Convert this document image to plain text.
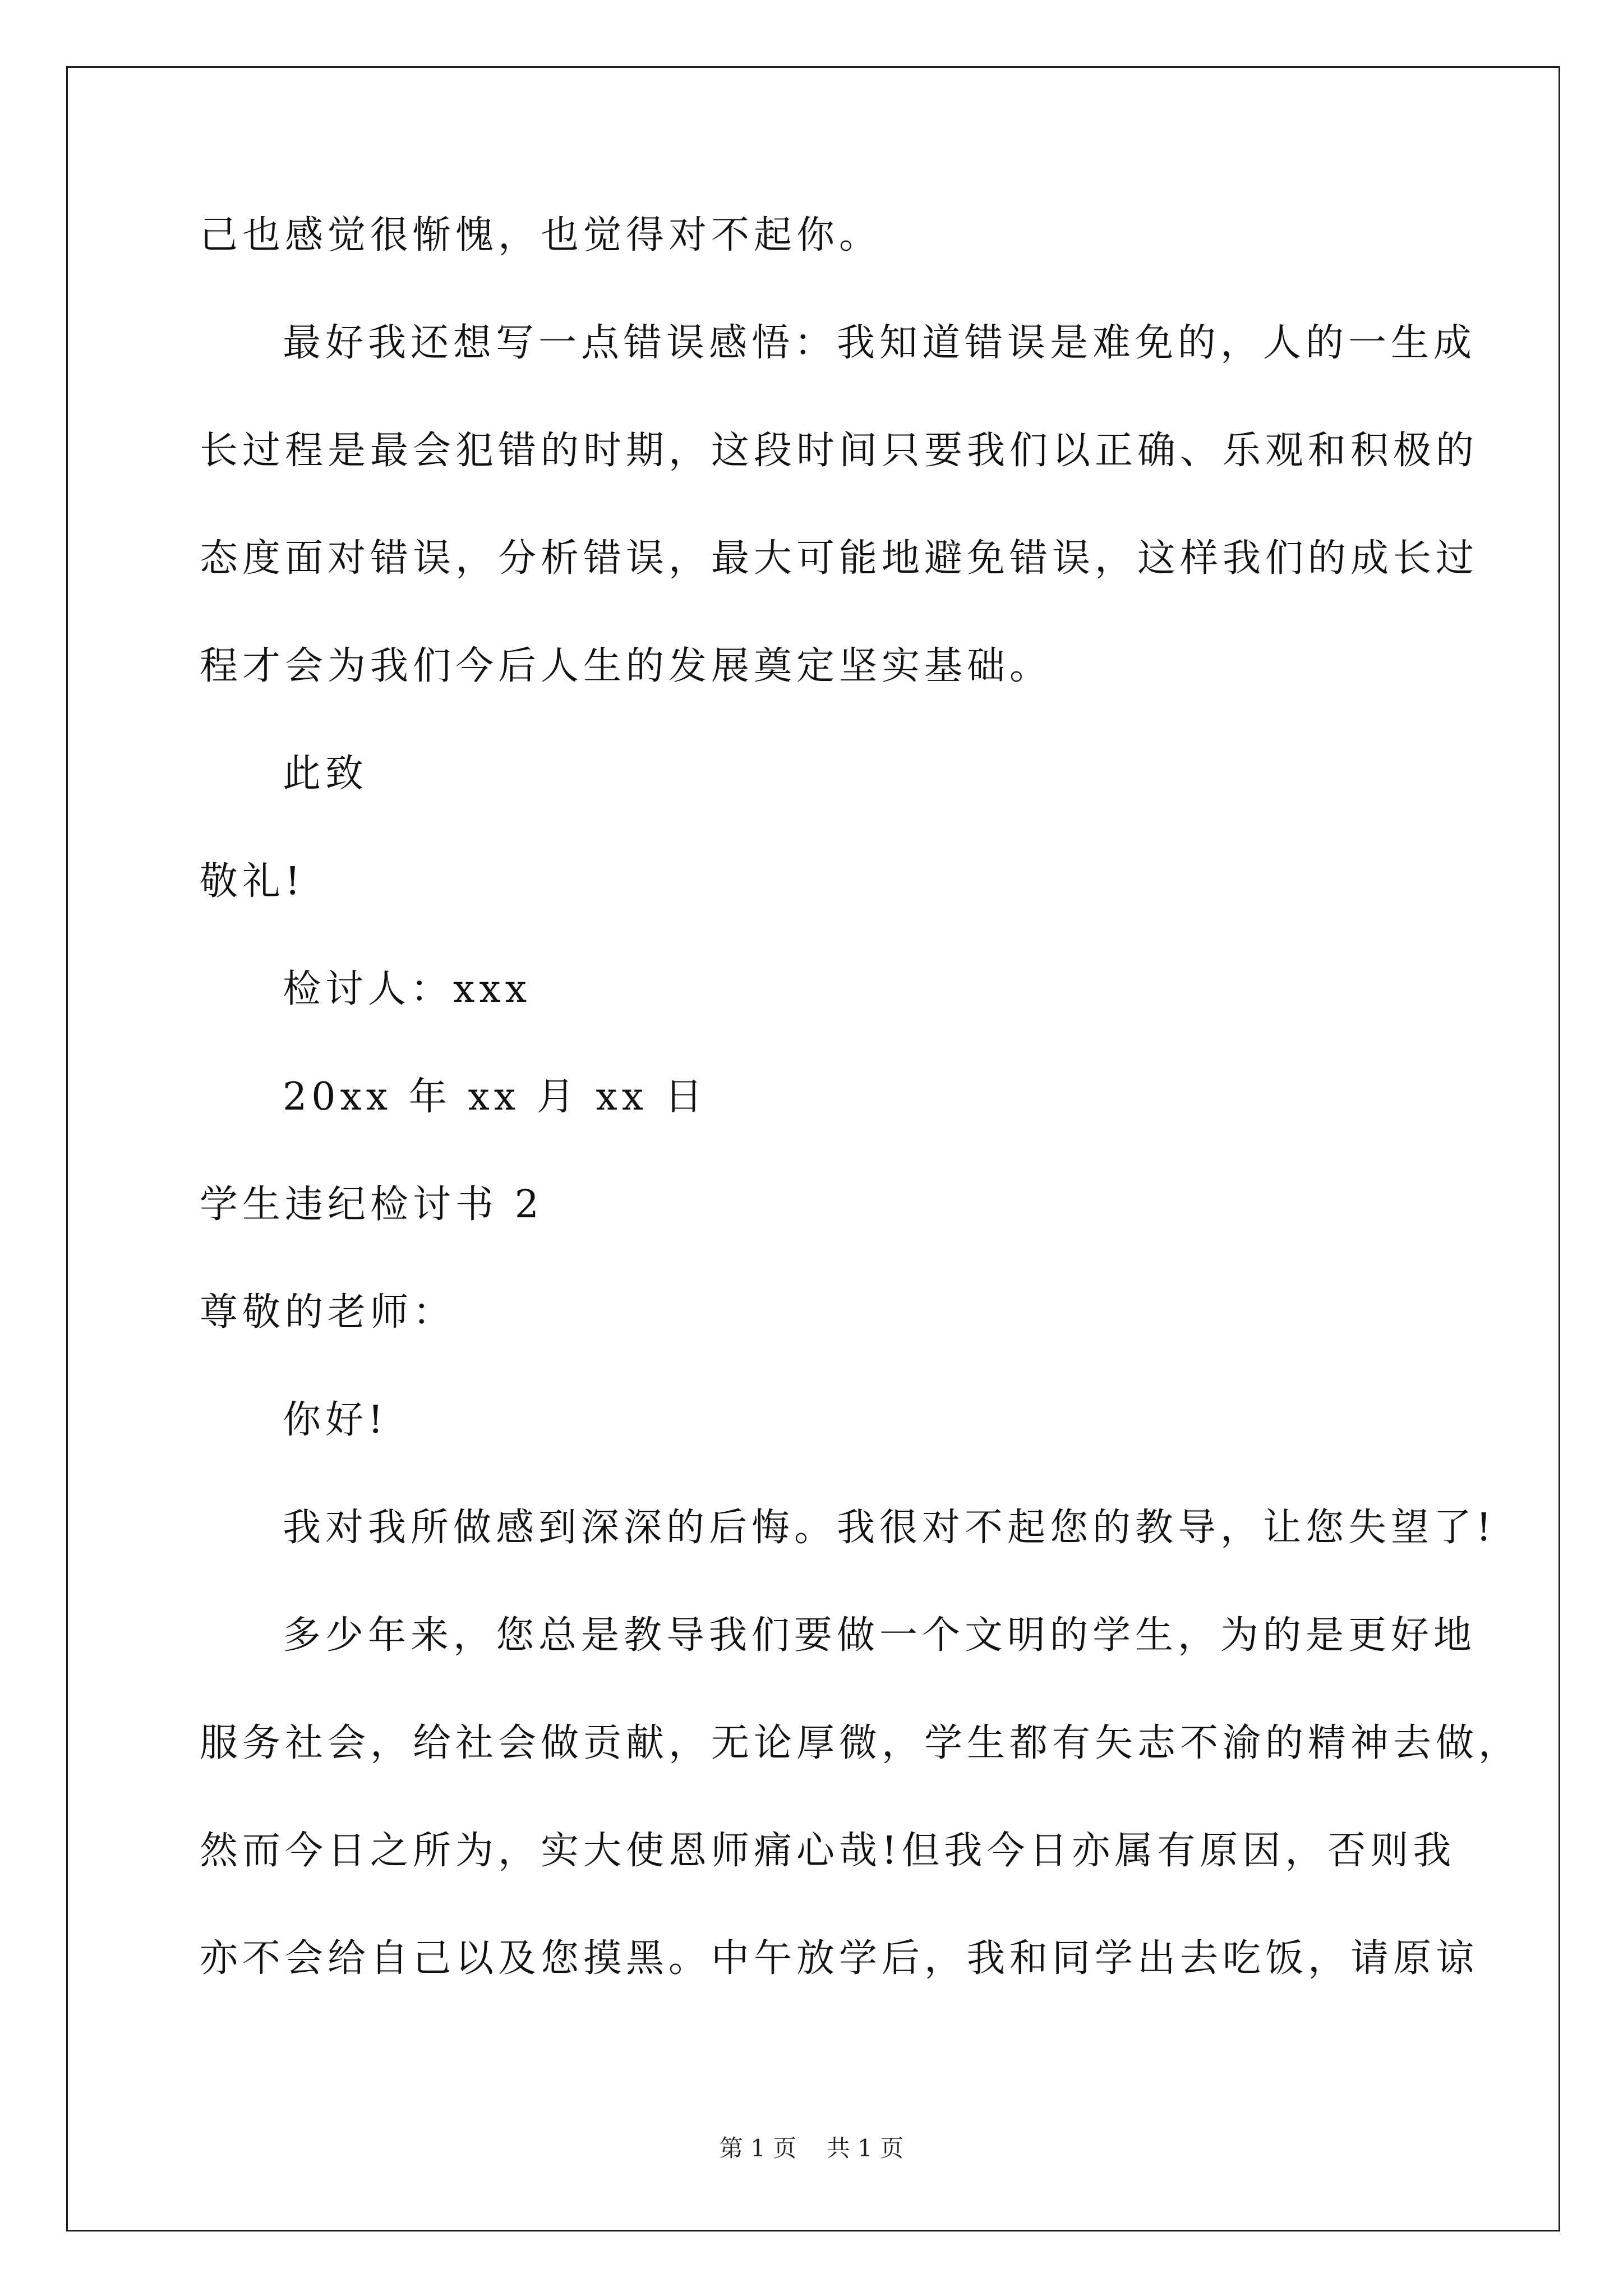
己也感觉很惭愧，也觉得对不起你。
最好我还想写一点错误感悟：我知道错误是难免的，人的一生成
长过程是最会犯错的时期，这段时间只要我们以正确、乐观和积极的
态度面对错误，分析错误，最大可能地避免错误，这样我们的成长过
程才会为我们今后人生的发展奠定坚实基础。
此致
敬礼!
检讨人：xxx
20xx 年 xx 月 xx 日
学生违纪检讨书 2
尊敬的老师：
你好!
我对我所做感到深深的后悔。我很对不起您的教导，让您失望了!
多少年来，您总是教导我们要做一个文明的学生，为的是更好地
服务社会，给社会做贡献，无论厚微，学生都有矢志不渝的精神去做，
然而今日之所为，实大使恩师痛心哉!但我今日亦属有原因，否则我
亦不会给自己以及您摸黑。中午放学后，我和同学出去吃饭，请原谅
第 1 页    共 1 页
